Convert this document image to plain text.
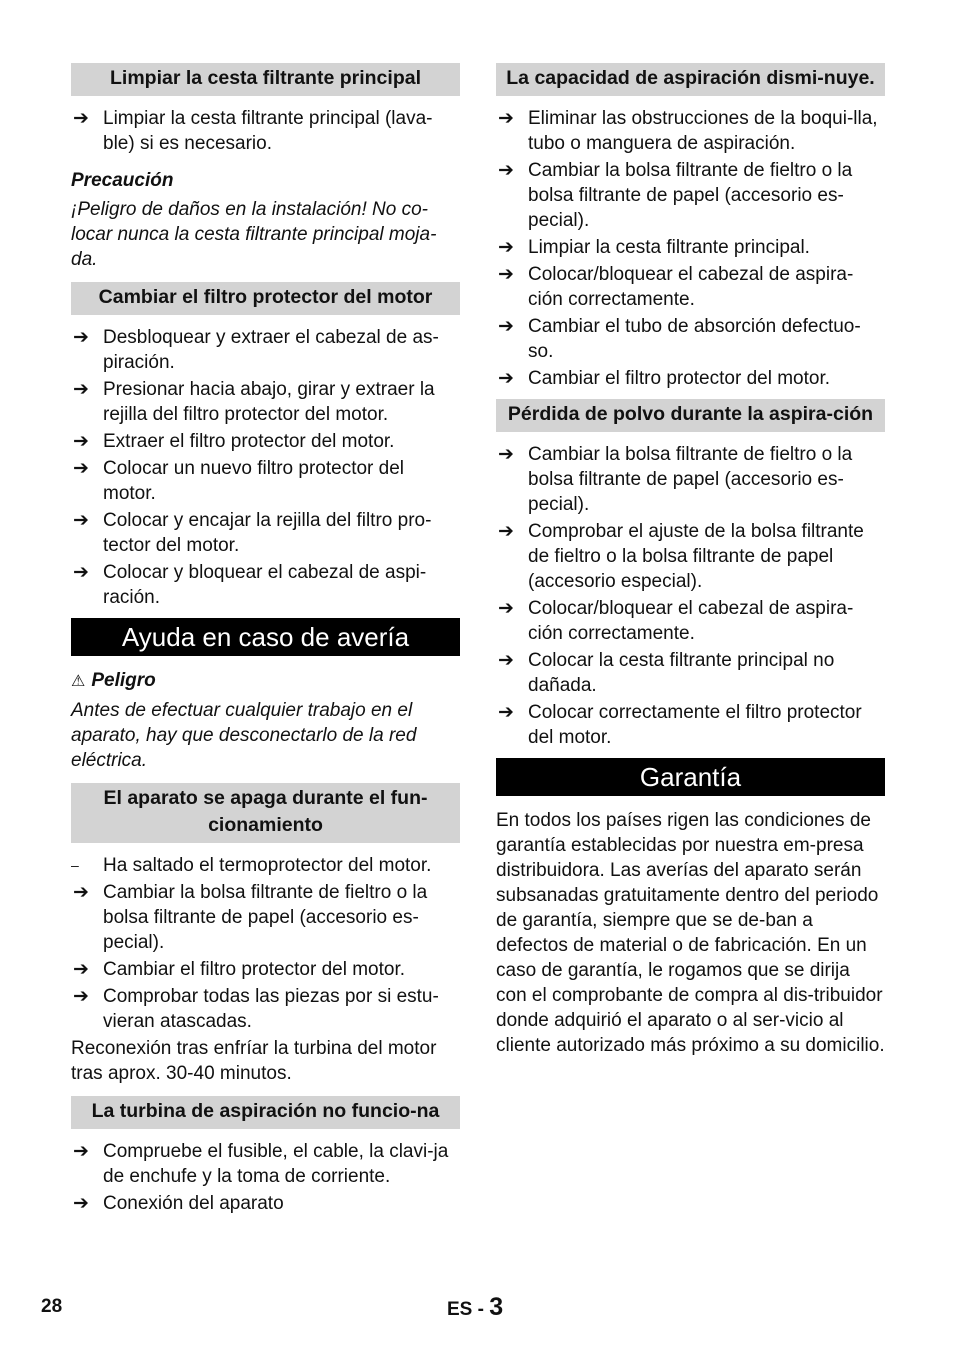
Limpiar la cesta filtrante principal
➔ Limpiar la cesta filtrante principal (lava-ble) si es necesario.
Precaución
¡Peligro de daños en la instalación! No co-locar nunca la cesta filtrante principal moja-da.
Cambiar el filtro protector del motor
➔ Desbloquear y extraer el cabezal de as-piración.
➔ Presionar hacia abajo, girar y extraer la rejilla del filtro protector del motor.
➔ Extraer el filtro protector del motor.
➔ Colocar un nuevo filtro protector del motor.
➔ Colocar y encajar la rejilla del filtro pro-tector del motor.
➔ Colocar y bloquear el cabezal de aspi-ración.
Ayuda en caso de avería
⚠ Peligro
Antes de efectuar cualquier trabajo en el aparato, hay que desconectarlo de la red eléctrica.
El aparato se apaga durante el fun-cionamiento
– Ha saltado el termoprotector del motor.
➔ Cambiar la bolsa filtrante de fieltro o la bolsa filtrante de papel (accesorio es-pecial).
➔ Cambiar el filtro protector del motor.
➔ Comprobar todas las piezas por si estu-vieran atascadas.
Reconexión tras enfríar la turbina del motor tras aprox. 30-40 minutos.
La turbina de aspiración no funcio-na
➔ Compruebe el fusible, el cable, la clavi-ja de enchufe y la toma de corriente.
➔ Conexión del aparato
La capacidad de aspiración dismi-nuye.
➔ Eliminar las obstrucciones de la boqui-lla, tubo o manguera de aspiración.
➔ Cambiar la bolsa filtrante de fieltro o la bolsa filtrante de papel (accesorio es-pecial).
➔ Limpiar la cesta filtrante principal.
➔ Colocar/bloquear el cabezal de aspira-ción correctamente.
➔ Cambiar el tubo de absorción defectuo-so.
➔ Cambiar el filtro protector del motor.
Pérdida de polvo durante la aspira-ción
➔ Cambiar la bolsa filtrante de fieltro o la bolsa filtrante de papel (accesorio es-pecial).
➔ Comprobar el ajuste de la bolsa filtrante de fieltro o la bolsa filtrante de papel (accesorio especial).
➔ Colocar/bloquear el cabezal de aspira-ción correctamente.
➔ Colocar la cesta filtrante principal no dañada.
➔ Colocar correctamente el filtro protector del motor.
Garantía
En todos los países rigen las condiciones de garantía establecidas por nuestra em-presa distribuidora. Las averías del aparato serán subsanadas gratuitamente dentro del periodo de garantía, siempre que se de-ban a defectos de material o de fabricación. En un caso de garantía, le rogamos que se dirija con el comprobante de compra al dis-tribuidor donde adquirió el aparato o al ser-vicio al cliente autorizado más próximo a su domicilio.
28	ES - 3
